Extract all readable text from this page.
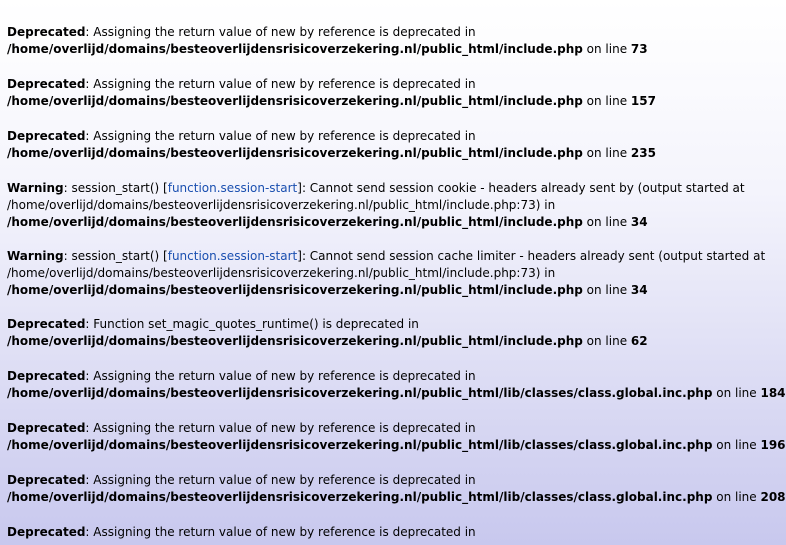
Deprecated: Assigning the return value of new by reference is deprecated in
/home/overlijd/domains/besteoverlijdensrisicoverzekering.nl/public_html/include.php on line 73

Deprecated: Assigning the return value of new by reference is deprecated in
/home/overlijd/domains/besteoverlijdensrisicoverzekering.nl/public_html/include.php on line 157

Deprecated: Assigning the return value of new by reference is deprecated in
/home/overlijd/domains/besteoverlijdensrisicoverzekering.nl/public_html/include.php on line 235

Warning: session_start() [function.session-start]: Cannot send session cookie - headers already sent by (output started at
/home/overlijd/domains/besteoverlijdensrisicoverzekering.nl/public_html/include.php:73) in
/home/overlijd/domains/besteoverlijdensrisicoverzekering.nl/public_html/include.php on line 34

Warning: session_start() [function.session-start]: Cannot send session cache limiter - headers already sent (output started at
/home/overlijd/domains/besteoverlijdensrisicoverzekering.nl/public_html/include.php:73) in
/home/overlijd/domains/besteoverlijdensrisicoverzekering.nl/public_html/include.php on line 34

Deprecated: Function set_magic_quotes_runtime() is deprecated in
/home/overlijd/domains/besteoverlijdensrisicoverzekering.nl/public_html/include.php on line 62

Deprecated: Assigning the return value of new by reference is deprecated in
/home/overlijd/domains/besteoverlijdensrisicoverzekering.nl/public_html/lib/classes/class.global.inc.php on line 184

Deprecated: Assigning the return value of new by reference is deprecated in
/home/overlijd/domains/besteoverlijdensrisicoverzekering.nl/public_html/lib/classes/class.global.inc.php on line 196

Deprecated: Assigning the return value of new by reference is deprecated in
/home/overlijd/domains/besteoverlijdensrisicoverzekering.nl/public_html/lib/classes/class.global.inc.php on line 208

Deprecated: Assigning the return value of new by reference is deprecated in
